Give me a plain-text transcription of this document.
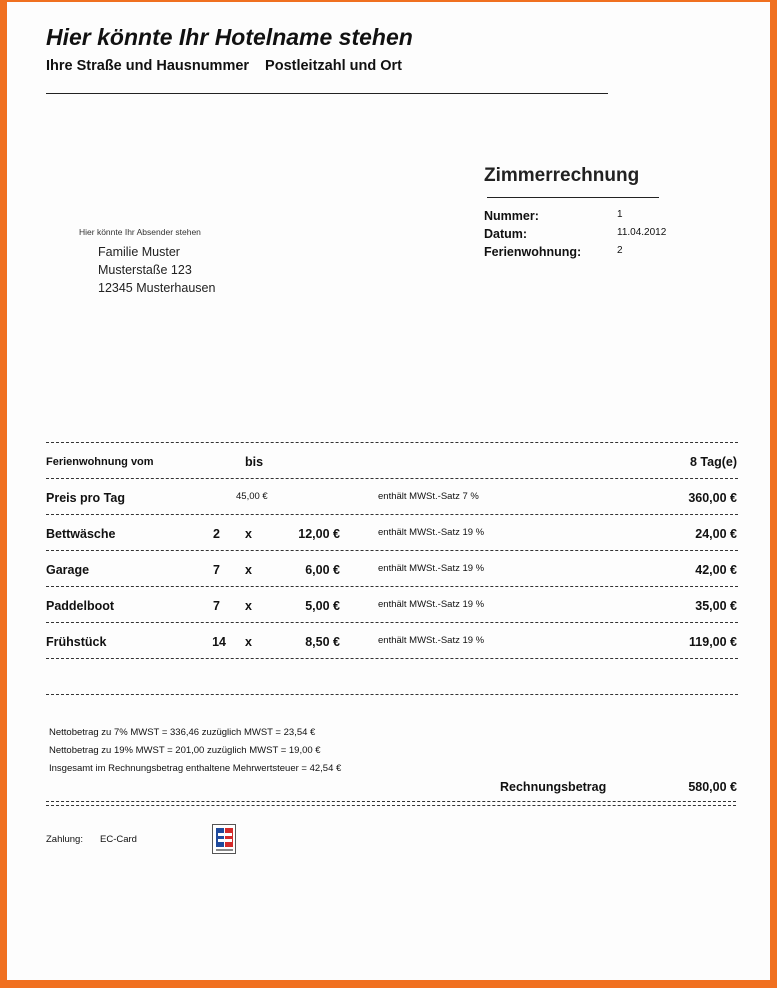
Hier könnte Ihr Hotelname stehen
Ihre Straße und Hausnummer Postleitzahl und Ort
Zimmerrechnung
Nummer:	1
Datum:	11.04.2012
Ferienwohnung:	2
Hier könnte Ihr Absender stehen
Familie Muster
Musterstaße 123
12345 Musterhausen
Ferienwohnung vom	bis	8 Tag(e)
Preis pro Tag	45,00 €	enthält MWSt.-Satz 7 %	360,00 €
Bettwäsche	2 x	12,00 €	enthält MWSt.-Satz 19 %	24,00 €
Garage	7 x	6,00 €	enthält MWSt.-Satz 19 %	42,00 €
Paddelboot	7 x	5,00 €	enthält MWSt.-Satz 19 %	35,00 €
Frühstück	14 x	8,50 €	enthält MWSt.-Satz 19 %	119,00 €
Nettobetrag zu 7% MWST = 336,46 zuzüglich MWST = 23,54 €
Nettobetrag zu 19% MWST = 201,00 zuzüglich MWST = 19,00 €
Insgesamt im Rechnungsbetrag enthaltene Mehrwertsteuer = 42,54 €
Rechnungsbetrag	580,00 €
Zahlung: EC-Card
